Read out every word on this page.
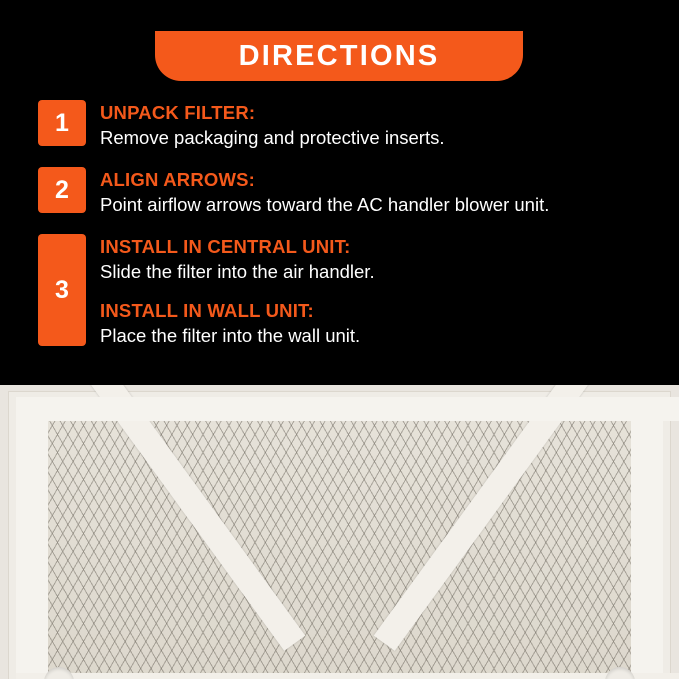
DIRECTIONS
1	UNPACK FILTER:
Remove packaging and protective inserts.
2	ALIGN ARROWS:
Point airflow arrows toward the AC handler blower unit.
3
INSTALL IN CENTRAL UNIT:
Slide the filter into the air handler.
INSTALL IN WALL UNIT:
Place the filter into the wall unit.
